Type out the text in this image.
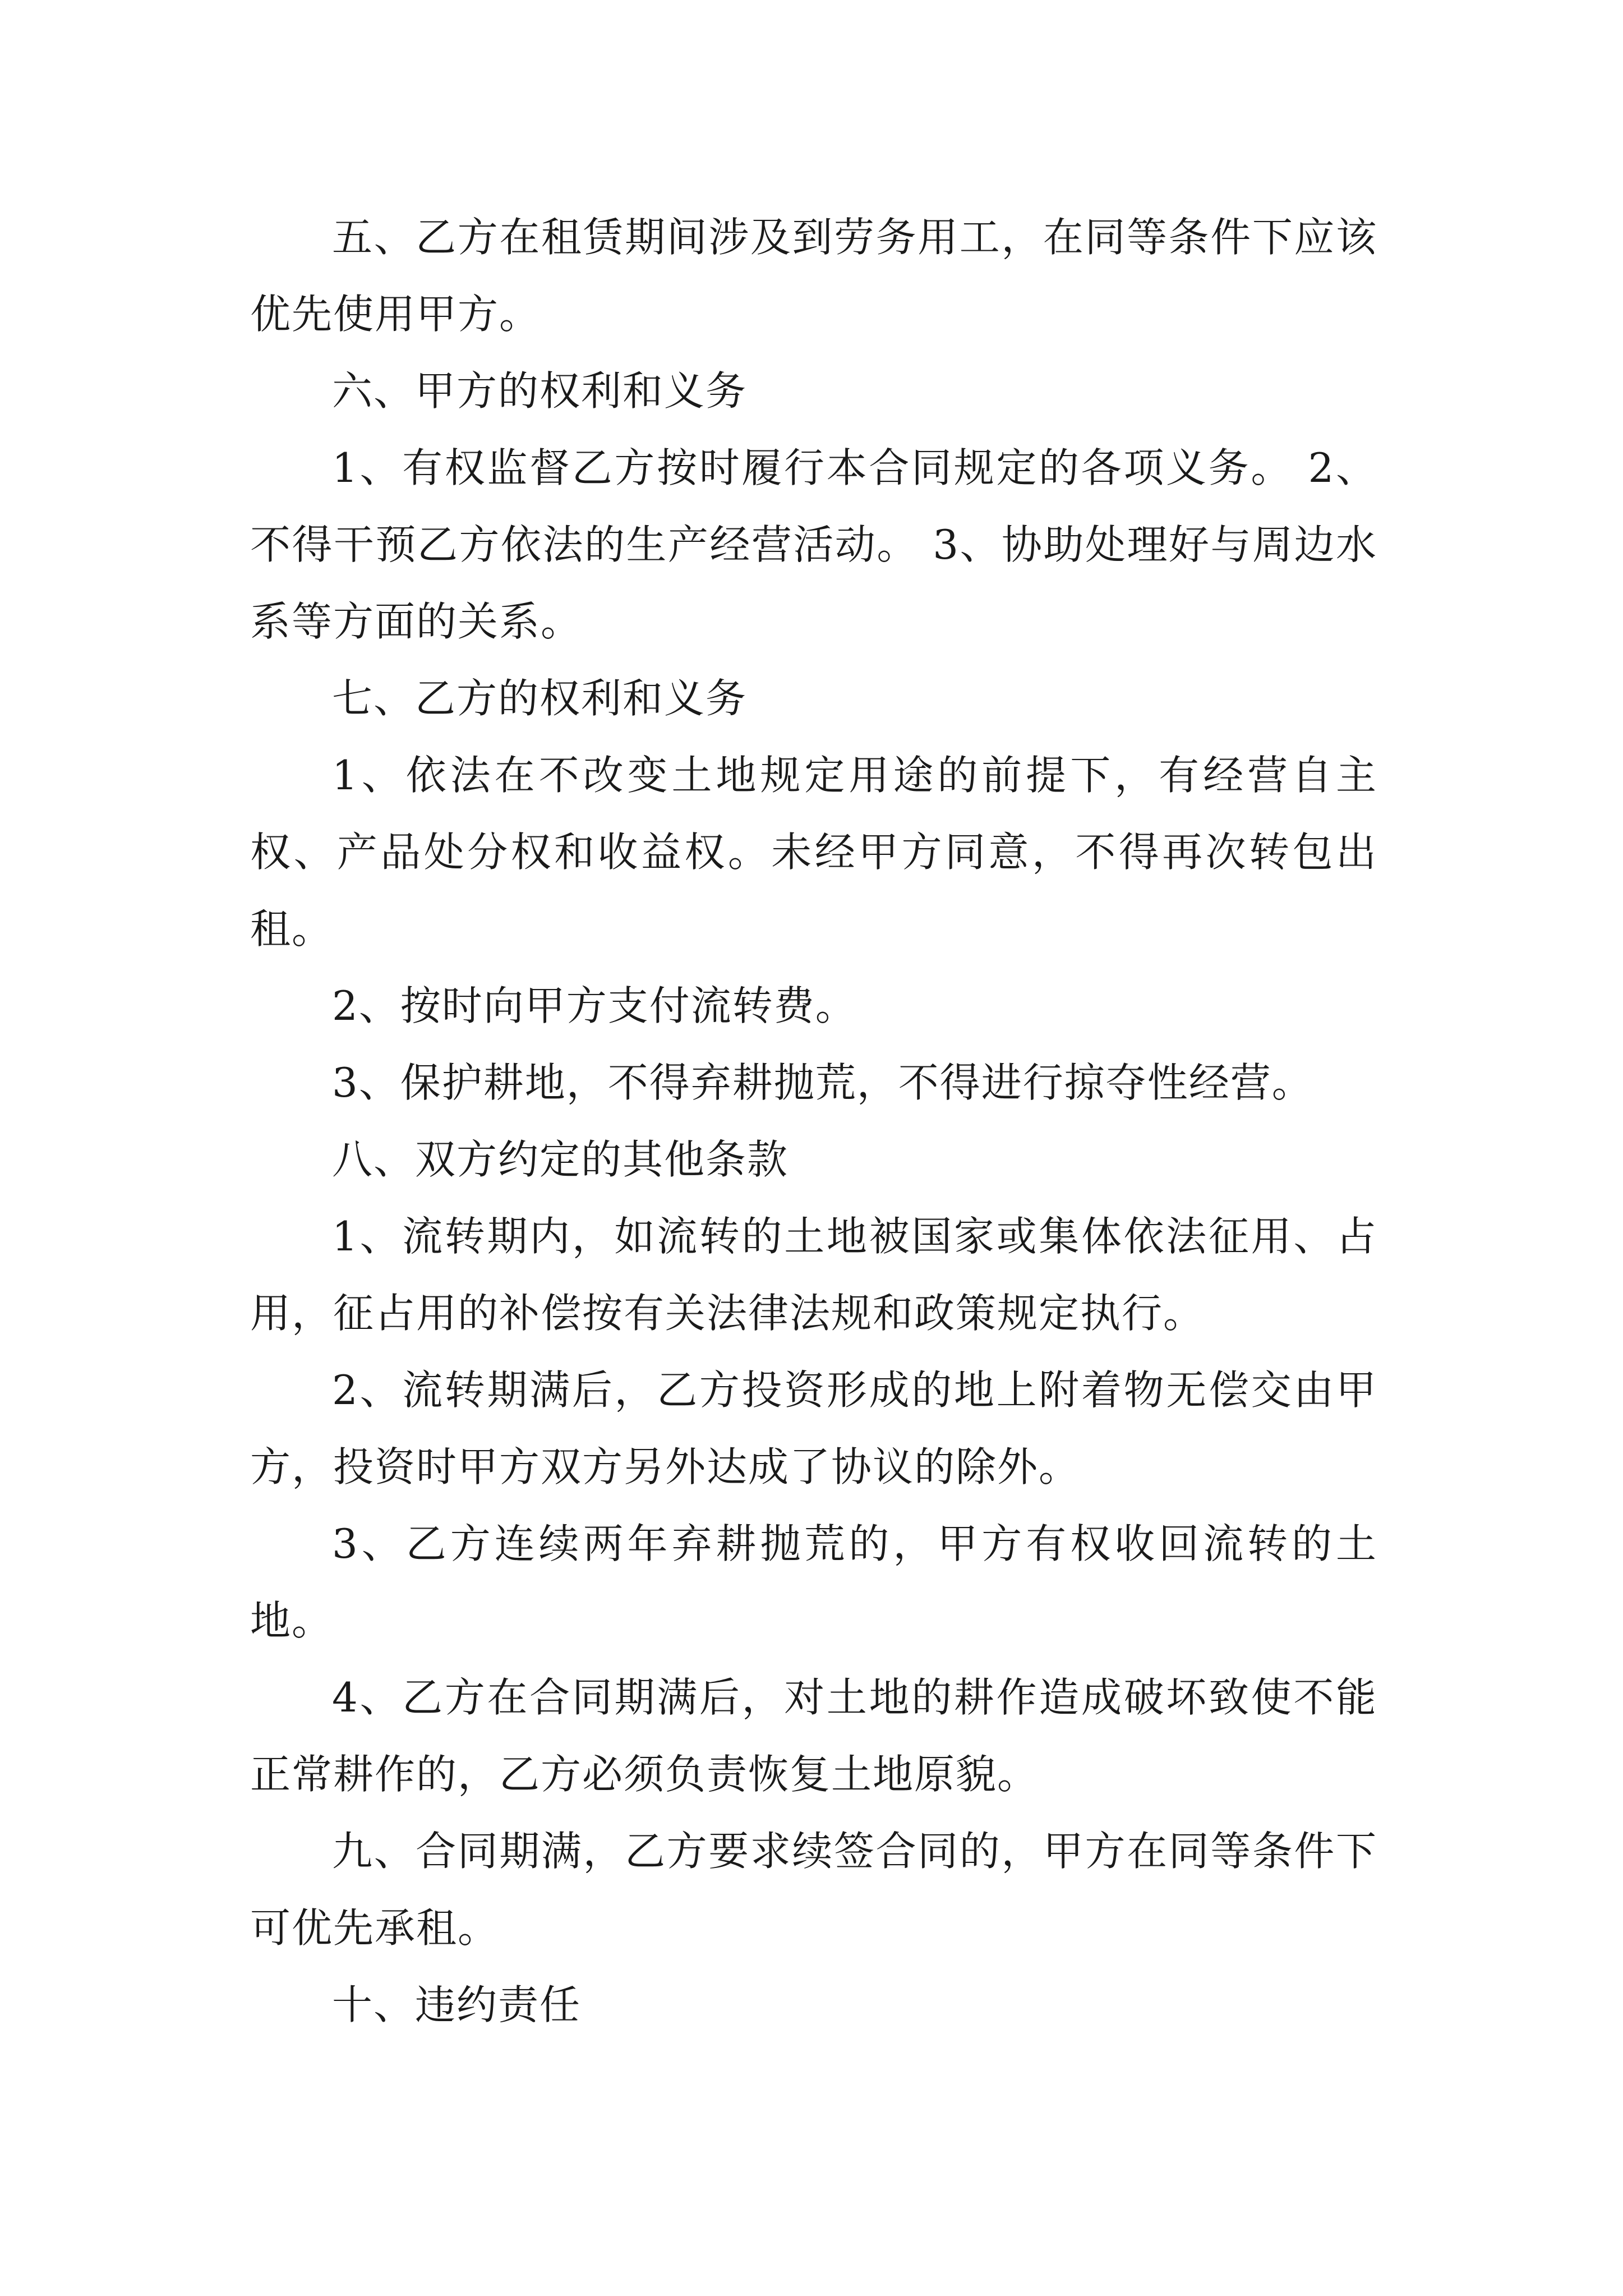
五、乙方在租赁期间涉及到劳务用工，在同等条件下应该优先使用甲方。

六、甲方的权利和义务

1、有权监督乙方按时履行本合同规定的各项义务。 2、不得干预乙方依法的生产经营活动。 3、协助处理好与周边水系等方面的关系。

七、乙方的权利和义务

1、依法在不改变土地规定用途的前提下，有经营自主权、产品处分权和收益权。未经甲方同意，不得再次转包出租。

2、按时向甲方支付流转费。

3、保护耕地，不得弃耕抛荒，不得进行掠夺性经营。

八、双方约定的其他条款

1、流转期内，如流转的土地被国家或集体依法征用、占用，征占用的补偿按有关法律法规和政策规定执行。

2、流转期满后，乙方投资形成的地上附着物无偿交由甲方，投资时甲方双方另外达成了协议的除外。

3、乙方连续两年弃耕抛荒的，甲方有权收回流转的土地。

4、乙方在合同期满后，对土地的耕作造成破坏致使不能正常耕作的，乙方必须负责恢复土地原貌。

九、合同期满，乙方要求续签合同的，甲方在同等条件下可优先承租。

十、违约责任
